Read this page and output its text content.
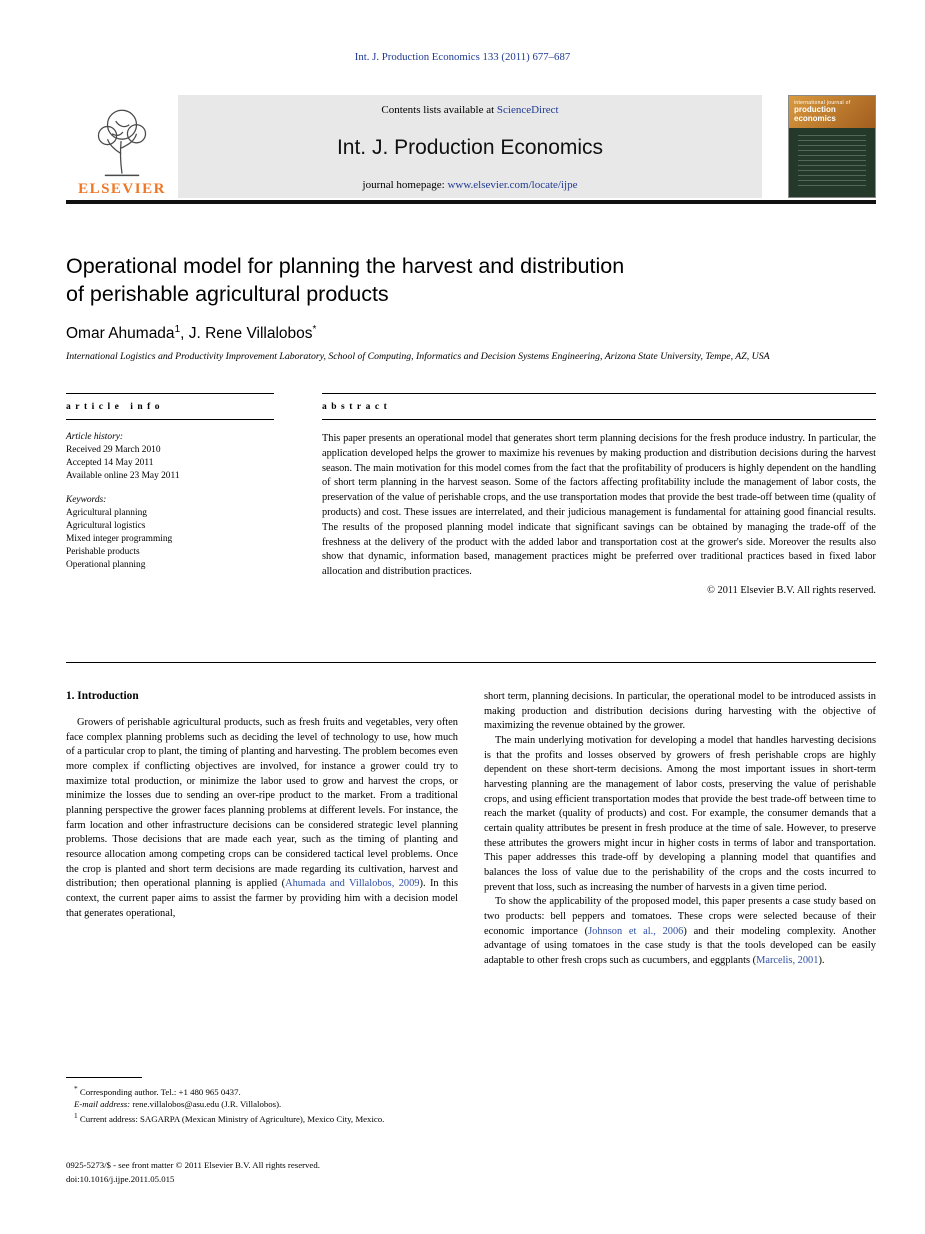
Int. J. Production Economics 133 (2011) 677–687
ELSEVIER
Contents lists available at ScienceDirect
Int. J. Production Economics
journal homepage: www.elsevier.com/locate/ijpe
international journal of
production economics
Operational model for planning the harvest and distribution
of perishable agricultural products
Omar Ahumada$^1$, J. Rene Villalobos*
International Logistics and Productivity Improvement Laboratory, School of Computing, Informatics and Decision Systems Engineering, Arizona State University, Tempe, AZ, USA
article info
Article history:
Received 29 March 2010
Accepted 14 May 2011
Available online 23 May 2011
Keywords:
Agricultural planning
Agricultural logistics
Mixed integer programming
Perishable products
Operational planning
abstract

This paper presents an operational model that generates short term planning decisions for the fresh produce industry. In particular, the application developed helps the grower to maximize his revenues by making production and distribution decisions during the harvest season. The main motivation for this model comes from the fact that the profitability of producers is highly dependent on the handling of short term planning in the harvest season. Some of the factors affecting profitability include the management of labor costs, the preservation of the value of perishable crops, and the use transportation modes that provide the best trade-off between time (quality of products) and cost. These issues are interrelated, and their judicious management is fundamental for attaining good financial results. The results of the proposed planning model indicate that significant savings can be obtained by managing the trade-off of the freshness at the delivery of the product with the added labor and transportation cost at the grower's side. Moreover the results also show that dynamic, information based, management practices might be preferred over traditional practices based in fixed labor allocation and distribution practices.

© 2011 Elsevier B.V. All rights reserved.
1. Introduction

Growers of perishable agricultural products, such as fresh fruits and vegetables, very often face complex planning problems such as deciding the level of technology to use, how much of a particular crop to plant, the timing of planting and harvesting. The problem becomes even more complex if conflicting objectives are involved, for instance a grower could try to maximize total production, or minimize the labor used to grow and harvest the crops, or minimize the losses due to sending an over-ripe product to the market. From a traditional planning perspective the grower faces planning problems at different levels. For instance, the farm location and other infrastructure decisions can be considered strategic level planning problems. Those decisions that are made each year, such as the timing of planting and resource allocation among competing crops can be considered tactical level problems. Once the crop is planted and short term decisions are made regarding its cultivation, harvest and distribution; then operational planning is applied (Ahumada and Villalobos, 2009). In this context, the current paper aims to assist the farmer by providing him with a decision model that generates operational,

short term, planning decisions. In particular, the operational model to be introduced assists in making production and distribution decisions during harvesting with the objective of maximizing the revenue obtained by the grower.

The main underlying motivation for developing a model that handles harvesting decisions is that the profits and losses observed by growers of fresh perishable crops are highly dependent on these short-term decisions. Among the most important issues in short-term harvesting planning are the management of labor costs, preserving the value of perishable crops, and using efficient transportation modes that provide the best trade-off between time to reach the market (quality of products) and cost. For example, the consumer demands that a certain quality attributes be present in fresh produce at the time of sale. However, to preserve these attributes the growers might incur in higher costs in terms of labor and transportation. This paper addresses this trade-off by developing a planning model that quantifies and balances the loss of value due to the perishability of the crops and the costs incurred to prevent that loss, such as increasing the number of harvests in a given time period.

To show the applicability of the proposed model, this paper presents a case study based on two products: bell peppers and tomatoes. These crops were selected because of their economic importance (Johnson et al., 2006) and their modeling complexity. Another advantage of using tomatoes in the case study is that the tools developed can be easily adaptable to other fresh crops such as cucumbers, and eggplants (Marcelis, 2001).

* Corresponding author. Tel.: +1 480 965 0437.

E-mail address: rene.villalobos@asu.edu (J.R. Villalobos).

$^1$ Current address: SAGARPA (Mexican Ministry of Agriculture), Mexico City, Mexico.

0925-5273/$ - see front matter © 2011 Elsevier B.V. All rights reserved.
doi:10.1016/j.ijpe.2011.05.015
